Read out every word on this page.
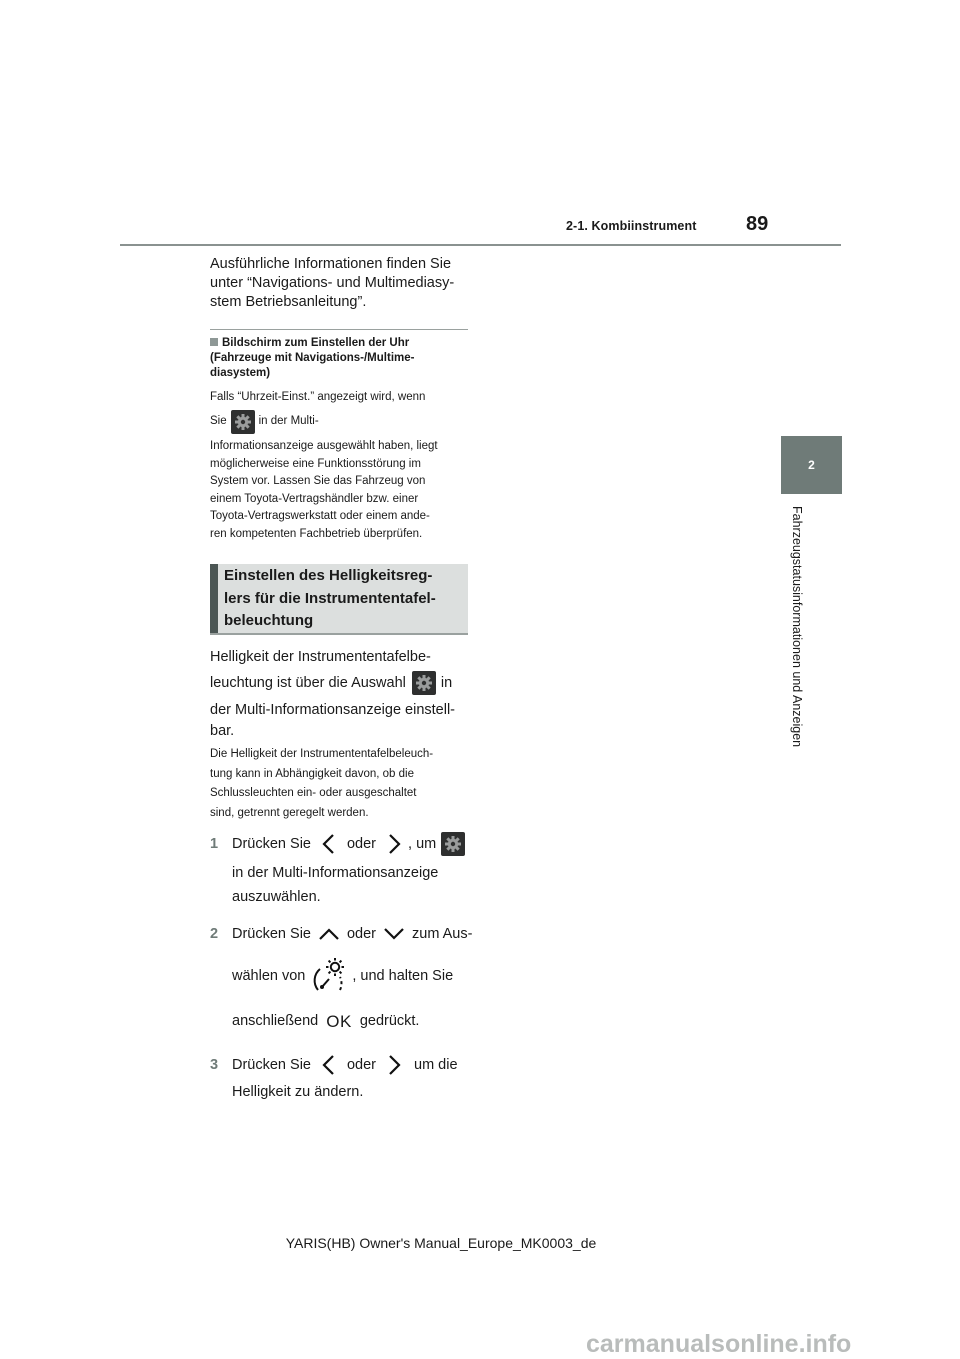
2-1. Kombiinstrument 89
2
Fahrzeugstatusinformationen und Anzeigen
Ausführliche Informationen finden Sie
unter “Navigations- und Multimediasy-
stem Betriebsanleitung”.
Bildschirm zum Einstellen der Uhr
(Fahrzeuge mit Navigations-/Multime-
diasystem)
Falls “Uhrzeit-Einst.” angezeigt wird, wenn
Sie	in der Multi-
Informationsanzeige ausgewählt haben, liegt
möglicherweise eine Funktionsstörung im
System vor. Lassen Sie das Fahrzeug von
einem Toyota-Vertragshändler bzw. einer
Toyota-Vertragswerkstatt oder einem ande-
ren kompetenten Fachbetrieb überprüfen.
Einstellen des Helligkeitsreg-
lers für die Instrumententafel-
beleuchtung
Helligkeit der Instrumententafelbe-
leuchtung ist über die Auswahl in
der Multi-Informationsanzeige einstell-
bar.
Die Helligkeit der Instrumententafelbeleuch-
tung kann in Abhängigkeit davon, ob die
Schlussleuchten ein- oder ausgeschaltet
sind, getrennt geregelt werden.
1 Drücken Sie oder , um
in der Multi-Informationsanzeige
auszuwählen.
2 Drücken Sie oder zum Aus-
wählen von	, und halten Sie
anschließend OK gedrückt.
3 Drücken Sie oder	um die
Helligkeit zu ändern.
YARIS(HB) Owner's Manual_Europe_MK0003_de
carmanualsonline.info
